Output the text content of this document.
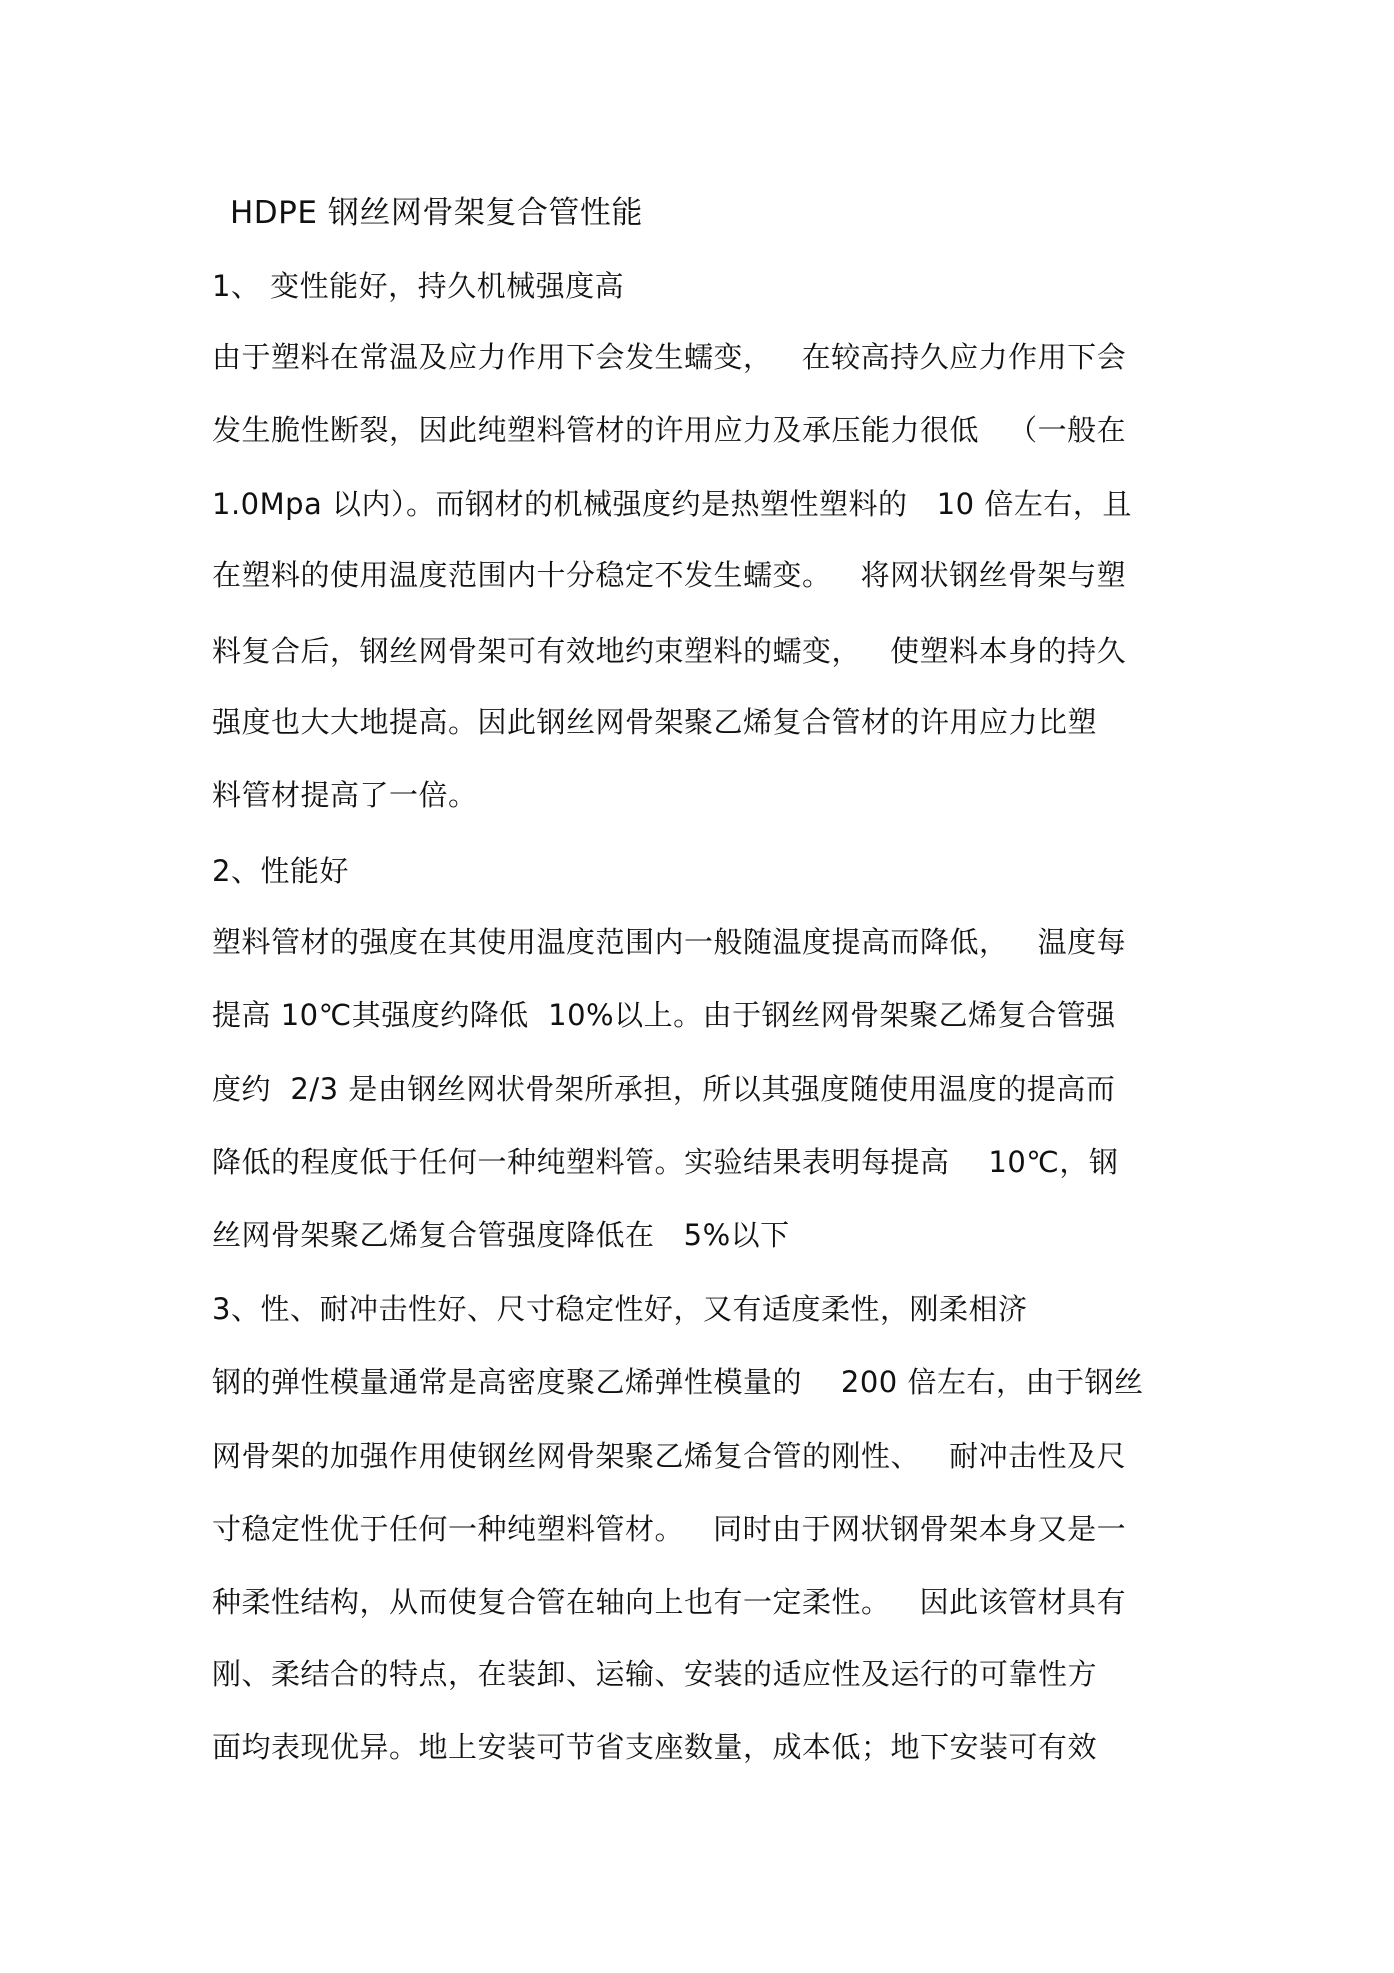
HDPE 钢丝网骨架复合管性能

1、 变性能好，持久机械强度高

由于塑料在常温及应力作用下会发生蠕变，   在较高持久应力作用下会

发生脆性断裂，因此纯塑料管材的许用应力及承压能力很低   （一般在

1.0Mpa 以内）。而钢材的机械强度约是热塑性塑料的   10 倍左右，且

在塑料的使用温度范围内十分稳定不发生蠕变。   将网状钢丝骨架与塑

料复合后，钢丝网骨架可有效地约束塑料的蠕变，   使塑料本身的持久

强度也大大地提高。因此钢丝网骨架聚乙烯复合管材的许用应力比塑

料管材提高了一倍。

2、性能好

塑料管材的强度在其使用温度范围内一般随温度提高而降低，   温度每

提高 10℃其强度约降低  10%以上。由于钢丝网骨架聚乙烯复合管强

度约  2/3 是由钢丝网状骨架所承担，所以其强度随使用温度的提高而

降低的程度低于任何一种纯塑料管。实验结果表明每提高    10℃，钢

丝网骨架聚乙烯复合管强度降低在   5%以下

3、性、耐冲击性好、尺寸稳定性好，又有适度柔性，刚柔相济

钢的弹性模量通常是高密度聚乙烯弹性模量的    200 倍左右，由于钢丝

网骨架的加强作用使钢丝网骨架聚乙烯复合管的刚性、   耐冲击性及尺

寸稳定性优于任何一种纯塑料管材。   同时由于网状钢骨架本身又是一

种柔性结构，从而使复合管在轴向上也有一定柔性。   因此该管材具有

刚、柔结合的特点，在装卸、运输、安装的适应性及运行的可靠性方

面均表现优异。地上安装可节省支座数量，成本低；地下安装可有效
